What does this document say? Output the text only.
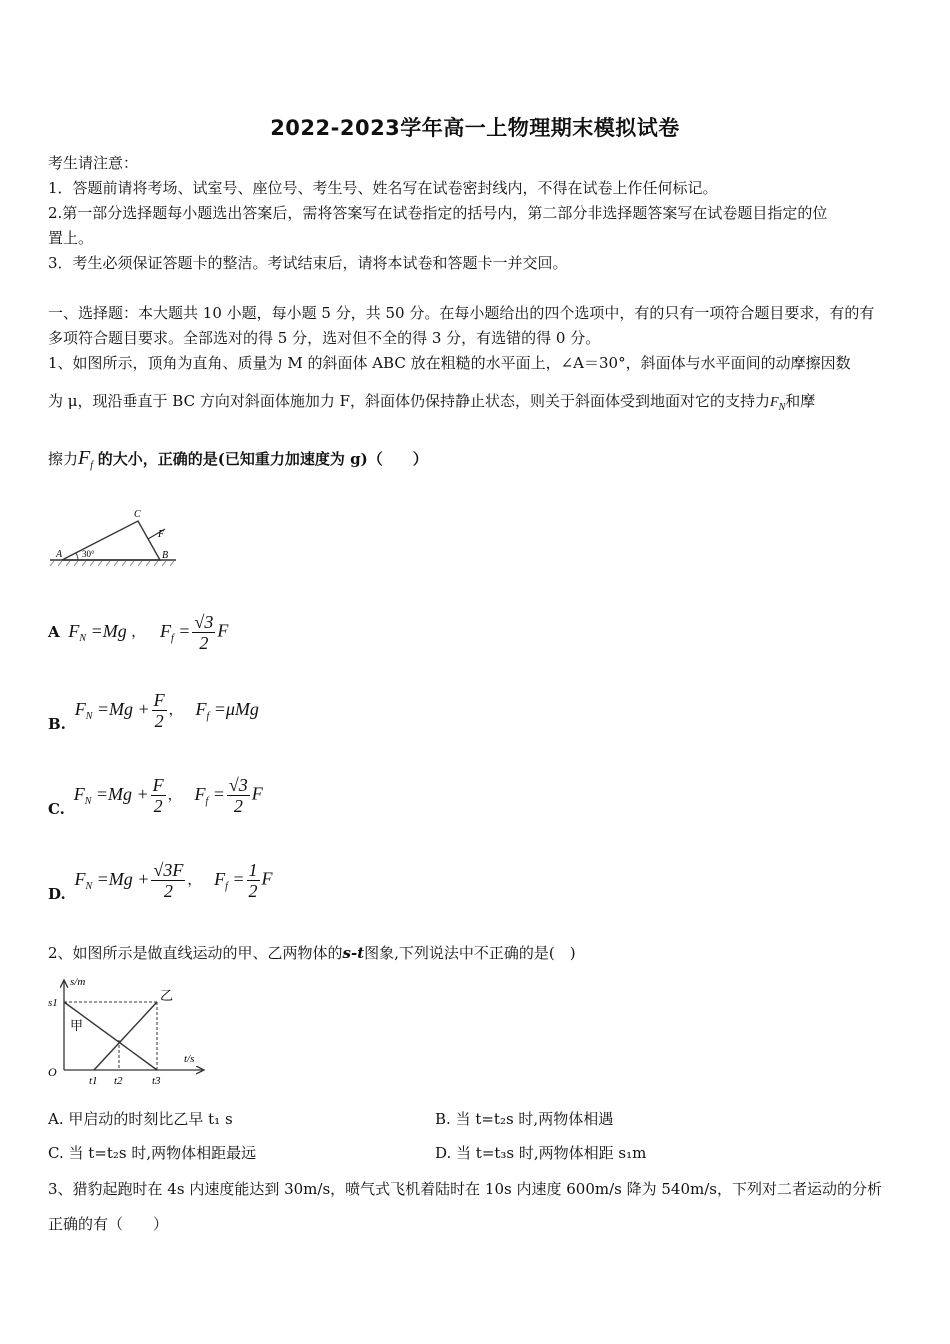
2022-2023学年高一上物理期末模拟试卷
考生请注意：
1．答题前请将考场、试室号、座位号、考生号、姓名写在试卷密封线内，不得在试卷上作任何标记。
2.第一部分选择题每小题选出答案后，需将答案写在试卷指定的括号内，第二部分非选择题答案写在试卷题目指定的位
置上。
3．考生必须保证答题卡的整洁。考试结束后，请将本试卷和答题卡一并交回。
一、选择题：本大题共 10 小题，每小题 5 分，共 50 分。在每小题给出的四个选项中，有的只有一项符合题目要求，有的有
多项符合题目要求。全部选对的得 5 分，选对但不全的得 3 分，有选错的得 0 分。
1、如图所示，顶角为直角、质量为 M 的斜面体 ABC 放在粗糙的水平面上，∠A＝30°，斜面体与水平面间的动摩擦因数
为 μ，现沿垂直于 BC 方向对斜面体施加力 F，斜面体仍保持静止状态，则关于斜面体受到地面对它的支持力$F_N$和摩
擦力$F_f$ 的大小，正确的是(已知重力加速度为 g)（　　）
A 30°	B
C
F
A $F_N =Mg$ ， $F_f = \frac{√3}{2}$ F
B. $F_N =Mg + \frac{F}{2}$ ， $F_f =\mu Mg$
C. $F_N =Mg + \frac{F}{2}$ ， $F_f = \frac{√3}{2}$ F
D. $F_N =Mg + \frac{√3F}{2}$ ， $F_f = \frac{1}{2}$ F
2、如图所示是做直线运动的甲、乙两物体的s-t图象,下列说法中不正确的是(　)
s/m
t/s
O
s1
t1 t2	t3
甲
乙
A. 甲启动的时刻比乙早 t₁ s	B. 当 t=t₂s 时,两物体相遇
C. 当 t=t₂s 时,两物体相距最远	D. 当 t=t₃s 时,两物体相距 s₁m
3、猎豹起跑时在 4s 内速度能达到 30m/s，喷气式飞机着陆时在 10s 内速度 600m/s 降为 540m/s，下列对二者运动的分析
正确的有（　　）
